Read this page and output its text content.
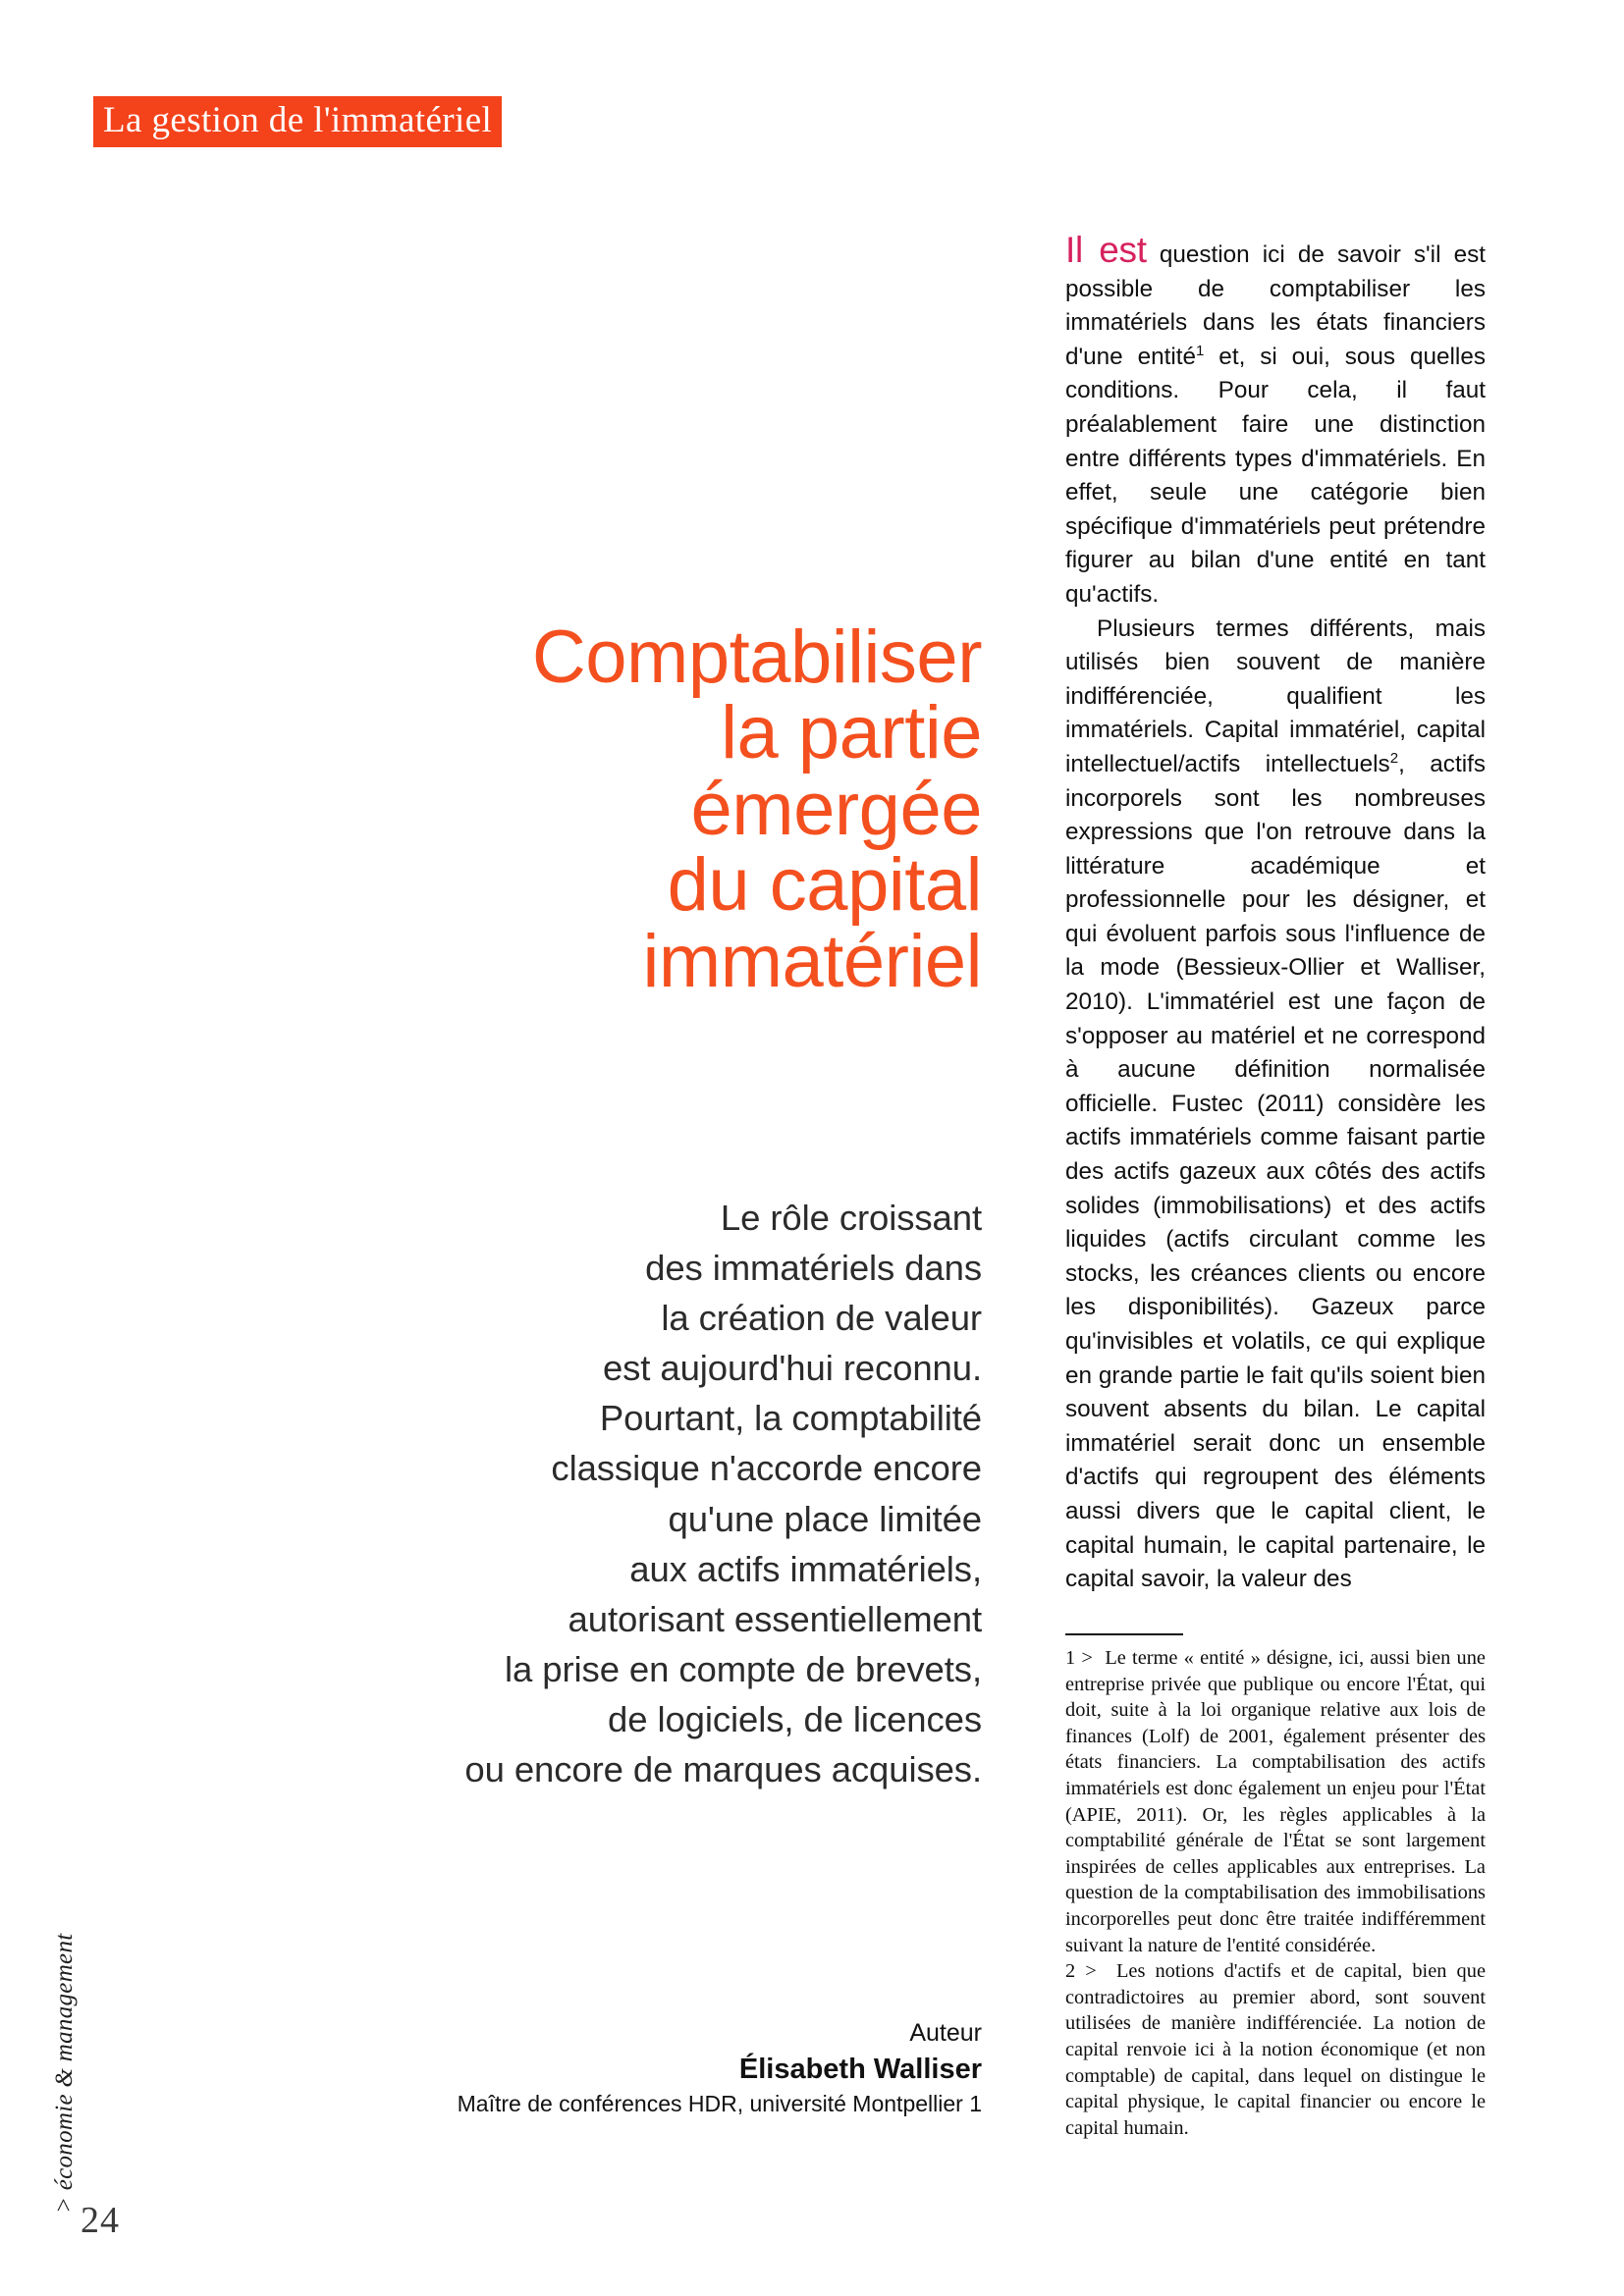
La gestion de l'immatériel
> économie & management
24
Comptabiliser
la partie
émergée
du capital
immatériel
Le rôle croissant
des immatériels dans
la création de valeur
est aujourd'hui reconnu.
Pourtant, la comptabilité
classique n'accorde encore
qu'une place limitée
aux actifs immatériels,
autorisant essentiellement
la prise en compte de brevets,
de logiciels, de licences
ou encore de marques acquises.
Auteur
Élisabeth Walliser
Maître de conférences HDR, université Montpellier 1

Il est question ici de savoir s'il est possible de comptabiliser les immatériels dans les états financiers d'une entité$^1$ et, si oui, sous quelles conditions. Pour cela, il faut préalablement faire une distinction entre différents types d'immatériels. En effet, seule une catégorie bien spécifique d'immatériels peut prétendre figurer au bilan d'une entité en tant qu'actifs.

Plusieurs termes différents, mais utilisés bien souvent de manière indifférenciée, qualifient les immatériels. Capital immatériel, capital intellectuel/actifs intellectuels$^2$, actifs incorporels sont les nombreuses expressions que l'on retrouve dans la littérature académique et professionnelle pour les désigner, et qui évoluent parfois sous l'influence de la mode (Bessieux-Ollier et Walliser, 2010). L'immatériel est une façon de s'opposer au matériel et ne correspond à aucune définition normalisée officielle. Fustec (2011) considère les actifs immatériels comme faisant partie des actifs gazeux aux côtés des actifs solides (immobilisations) et des actifs liquides (actifs circulant comme les stocks, les créances clients ou encore les disponibilités). Gazeux parce qu'invisibles et volatils, ce qui explique en grande partie le fait qu'ils soient bien souvent absents du bilan. Le capital immatériel serait donc un ensemble d'actifs qui regroupent des éléments aussi divers que le capital client, le capital humain, le capital partenaire, le capital savoir, la valeur des

1 > Le terme « entité » désigne, ici, aussi bien une entreprise privée que publique ou encore l'État, qui doit, suite à la loi organique relative aux lois de finances (Lolf) de 2001, également présenter des états financiers. La comptabilisation des actifs immatériels est donc également un enjeu pour l'État (APIE, 2011). Or, les règles applicables à la comptabilité générale de l'État se sont largement inspirées de celles applicables aux entreprises. La question de la comptabilisation des immobilisations incorporelles peut donc être traitée indifféremment suivant la nature de l'entité considérée.

2 > Les notions d'actifs et de capital, bien que contradictoires au premier abord, sont souvent utilisées de manière indifférenciée. La notion de capital renvoie ici à la notion économique (et non comptable) de capital, dans lequel on distingue le capital physique, le capital financier ou encore le capital humain.
